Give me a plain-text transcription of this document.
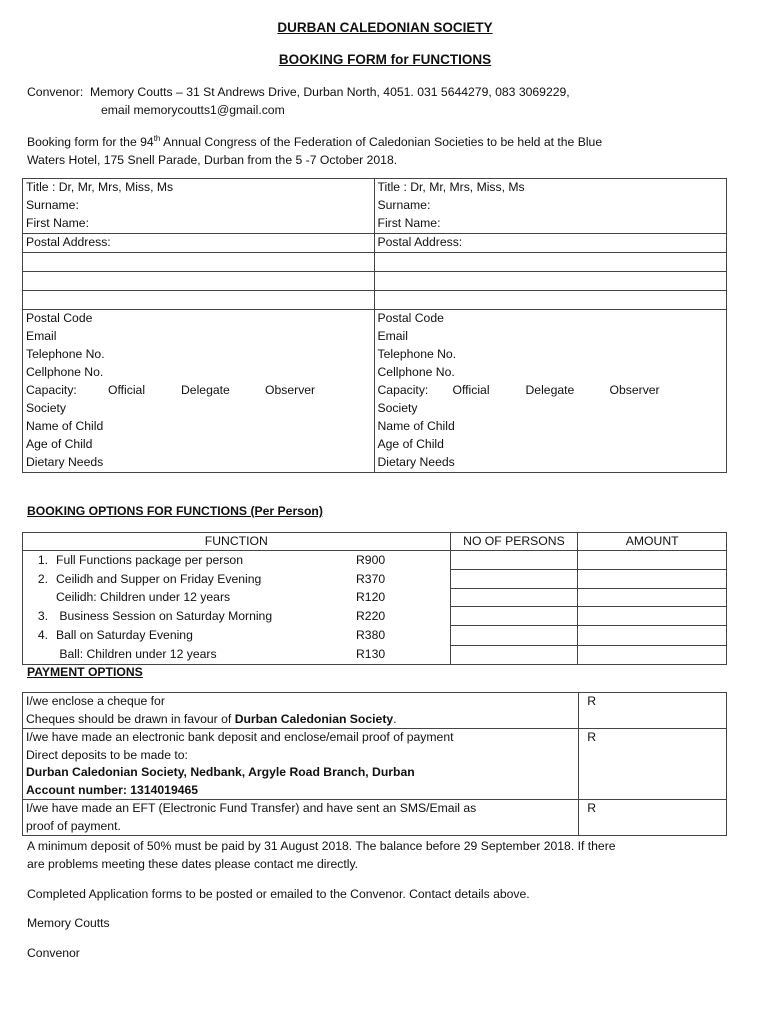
DURBAN CALEDONIAN SOCIETY
BOOKING FORM for FUNCTIONS
Convenor: Memory Coutts – 31 St Andrews Drive, Durban North, 4051. 031 5644279, 083 3069229,
email memorycoutts1@gmail.com
Booking form for the 94th Annual Congress of the Federation of Caledonian Societies to be held at the Blue
Waters Hotel, 175 Snell Parade, Durban from the 5 -7 October 2018.
Title : Dr, Mr, Mrs, Miss, Ms	Title : Dr, Mr, Mrs, Miss, Ms
Surname:	Surname:
First Name:	First Name:
Postal Address:	Postal Address:

Postal Code	Postal Code
Email	Email
Telephone No.	Telephone No.
Cellphone No.	Cellphone No.
Capacity: Official Delegate Observer	Capacity: Official Delegate Observer
Society	Society
Name of Child	Name of Child
Age of Child	Age of Child
Dietary Needs	Dietary Needs
BOOKING OPTIONS FOR FUNCTIONS (Per Person)
FUNCTION	NO OF PERSONS	AMOUNT
1. Full Functions package per person R900		
2. Ceilidh and Supper on Friday Evening R370		
Ceilidh: Children under 12 years R120		
3. Business Session on Saturday Morning R220		
4. Ball on Saturday Evening R380		
Ball: Children under 12 years R130		
PAYMENT OPTIONS
I/we enclose a cheque for
Cheques should be drawn in favour of Durban Caledonian Society.	R

I/we have made an electronic bank deposit and enclose/email proof of payment
Direct deposits to be made to:
Durban Caledonian Society, Nedbank, Argyle Road Branch, Durban
Account number: 1314019465	R

I/we have made an EFT (Electronic Fund Transfer) and have sent an SMS/Email as
proof of payment.	R
A minimum deposit of 50% must be paid by 31 August 2018. The balance before 29 September 2018. If there
are problems meeting these dates please contact me directly.
Completed Application forms to be posted or emailed to the Convenor. Contact details above.
Memory Coutts
Convenor
